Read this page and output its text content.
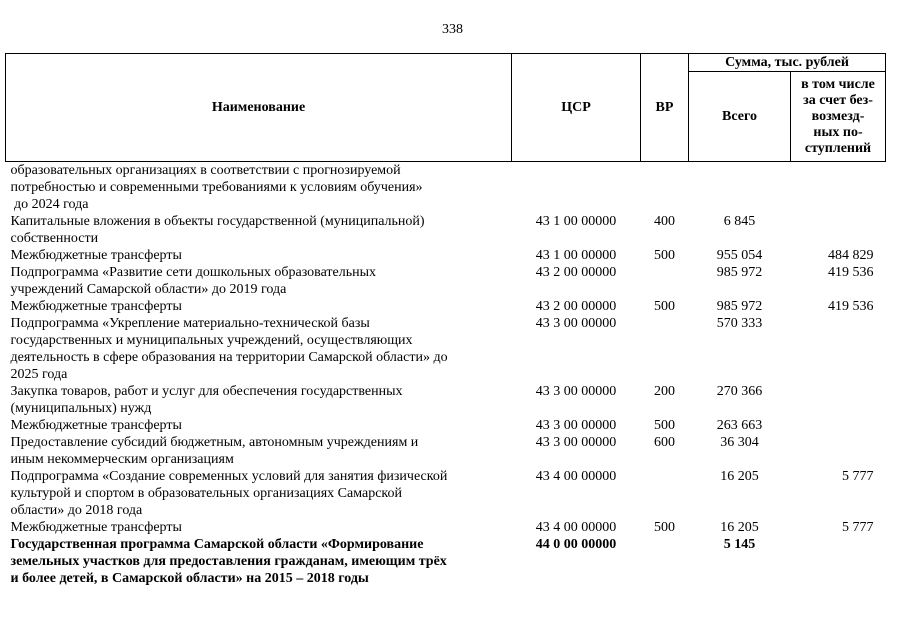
338
Наименование	ЦСР	ВР	Сумма, тыс. рублей	
			Всего	в том числе
за счет без-
возмезд-
ных по-
ступлений

образовательных организациях в соответствии с прогнозируемой
потребностью и современными требованиями к условиям обучения»
до 2024 года				

Капитальные вложения в объекты государственной (муниципальной)
собственности	43 1 00 00000	400	6 845	

Межбюджетные трансферты	43 1 00 00000	500	955 054	484 829

Подпрограмма «Развитие сети дошкольных образовательных
учреждений Самарской области» до 2019 года	43 2 00 00000		985 972	419 536

Межбюджетные трансферты	43 2 00 00000	500	985 972	419 536

Подпрограмма «Укрепление материально-технической базы
государственных и муниципальных учреждений, осуществляющих
деятельность в сфере образования на территории Самарской области» до
2025 года	43 3 00 00000		570 333	

Закупка товаров, работ и услуг для обеспечения государственных
(муниципальных) нужд	43 3 00 00000	200	270 366	

Межбюджетные трансферты	43 3 00 00000	500	263 663	

Предоставление субсидий бюджетным, автономным учреждениям и
иным некоммерческим организациям	43 3 00 00000	600	36 304	

Подпрограмма «Создание современных условий для занятия физической
культурой и спортом в образовательных организациях Самарской
области» до 2018 года	43 4 00 00000		16 205	5 777

Межбюджетные трансферты	43 4 00 00000	500	16 205	5 777

Государственная программа Самарской области «Формирование
земельных участков для предоставления гражданам, имеющим трёх
и более детей, в Самарской области» на 2015 – 2018 годы	44 0 00 00000		5 145	
